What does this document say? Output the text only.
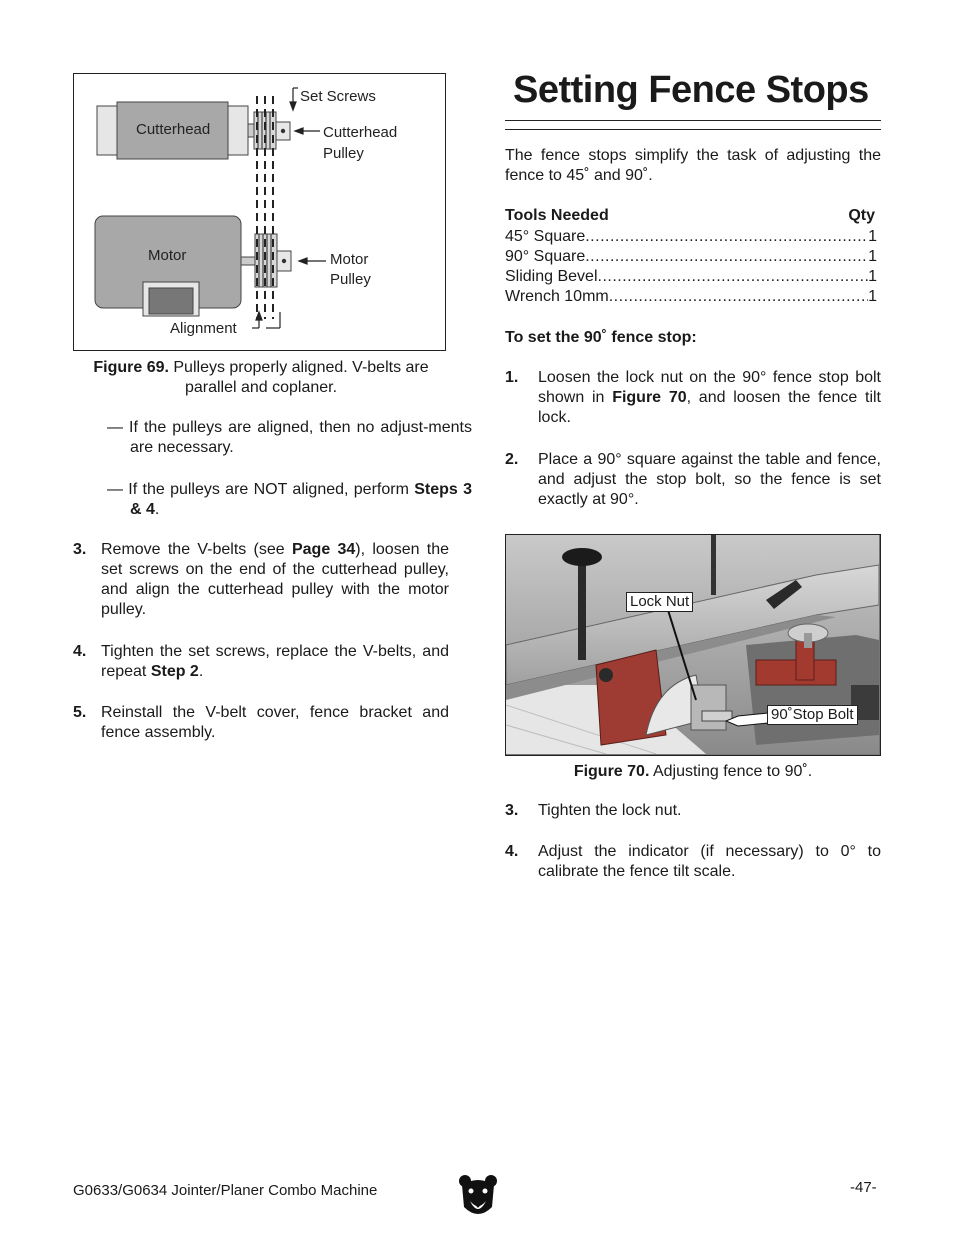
Cutterhead
Motor
Set Screws
Cutterhead
Pulley
Motor
Pulley
Alignment
Figure 69. Pulleys properly aligned. V-belts are
parallel and coplaner.
— If the pulleys are aligned, then no adjust-ments are necessary.
— If the pulleys are NOT aligned, perform Steps 3 & 4.
3. Remove the V-belts (see Page 34), loosen the set screws on the end of the cutterhead pulley, and align the cutterhead pulley with the motor pulley.
4. Tighten the set screws, replace the V-belts, and repeat Step 2.
5. Reinstall the V-belt cover, fence bracket and fence assembly.
Setting Fence Stops
The fence stops simplify the task of adjusting the fence to 45˚ and 90˚.
Tools Needed	Qty
45° Square .....	1
90° Square .....	1
Sliding Bevel .....	1
Wrench 10mm .....	1
To set the 90˚ fence stop:
1. Loosen the lock nut on the 90° fence stop bolt shown in Figure 70, and loosen the fence tilt lock.
2. Place a 90° square against the table and fence, and adjust the stop bolt, so the fence is set exactly at 90°.
Lock Nut
90˚Stop Bolt
Figure 70. Adjusting fence to 90˚.
3. Tighten the lock nut.
4. Adjust the indicator (if necessary) to 0° to calibrate the fence tilt scale.
G0633/G0634 Jointer/Planer Combo Machine	-47-
